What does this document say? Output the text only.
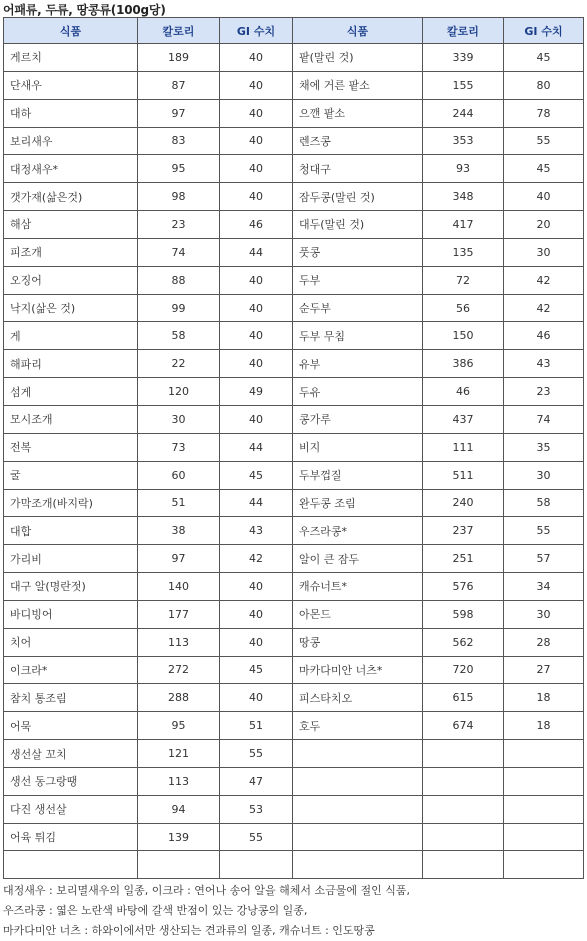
어패류, 두류, 땅콩류(100g당)
식품	칼로리	GI 수치	식품	칼로리	GI 수치
게르치	189	40	팥(말린 것)	339	45
단새우	87	40	채에 거른 팥소	155	80
대하	97	40	으깬 팥소	244	78
보리새우	83	40	렌즈콩	353	55
대정새우*	95	40	청대구	93	45
갯가재(삶은것)	98	40	잠두콩(말린 것)	348	40
해삼	23	46	대두(말린 것)	417	20
피조개	74	44	풋콩	135	30
오징어	88	40	두부	72	42
낙지(삶은 것)	99	40	순두부	56	42
게	58	40	두부 무침	150	46
해파리	22	40	유부	386	43
섬게	120	49	두유	46	23
모시조개	30	40	콩가루	437	74
전복	73	44	비지	111	35
굴	60	45	두부껍질	511	30
가막조개(바지락)	51	44	완두콩 조림	240	58
대합	38	43	우즈라콩*	237	55
가리비	97	42	알이 큰 잠두	251	57
대구 알(명란젓)	140	40	캐슈너트*	576	34
바디빙어	177	40	아몬드	598	30
치어	113	40	땅콩	562	28
이크라*	272	45	마카다미안 너츠*	720	27
참치 통조림	288	40	피스타치오	615	18
어묵	95	51	호두	674	18
생선살 꼬치	121	55			
생선 동그랑땡	113	47			
다진 생선살	94	53			
어육 튀김	139	55			

대정새우 : 보리멸새우의 일종, 이크라 : 연어나 송어 알을 해체서 소금물에 절인 식품,
우즈라콩 : 엷은 노란색 바탕에 갈색 반점이 있는 강낭콩의 일종,
마카다미안 너츠 : 하와이에서만 생산되는 견과류의 일종, 캐슈너트 : 인도땅콩
